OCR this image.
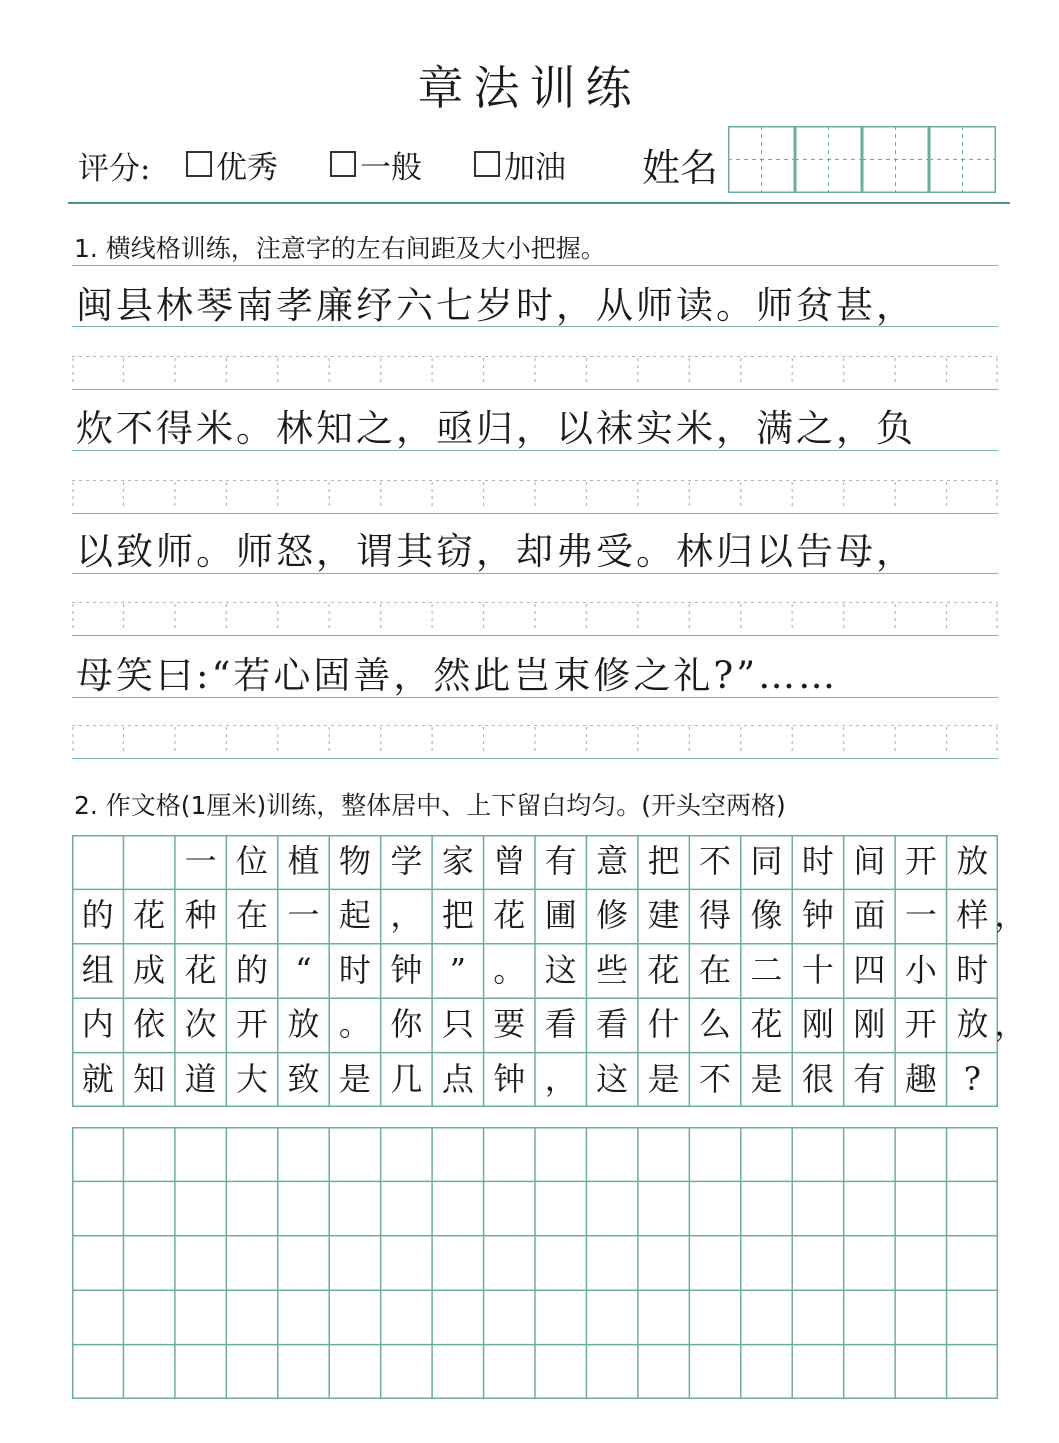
章法训练
评分: 优秀	一般	加油 姓名
1. 横线格训练，注意字的左右间距及大小把握。
闽县林琴南孝廉纾六七岁时，从师读。师贫甚，
炊不得米。林知之，亟归，以袜实米，满之，负
以致师。师怒，谓其窃，却弗受。林归以告母，
母笑曰:“若心固善，然此岂束修之礼?”……
2. 作文格(1厘米)训练，整体居中、上下留白均匀。(开头空两格)
一 位 植 物 学 家 曾 有 意 把 不 同 时 间 开 放
的 花 种 在 一 起 ， 把 花 圃 修 建 得 像 钟 面 一 样，
组 成 花 的 “ 时 钟 ” 。 这 些 花 在 二 十 四 小 时
内 依 次 开 放 。 你 只 要 看 看 什 么 花 刚 刚 开 放，
就 知 道 大 致 是 几 点 钟 ， 这 是 不 是 很 有 趣 ?
